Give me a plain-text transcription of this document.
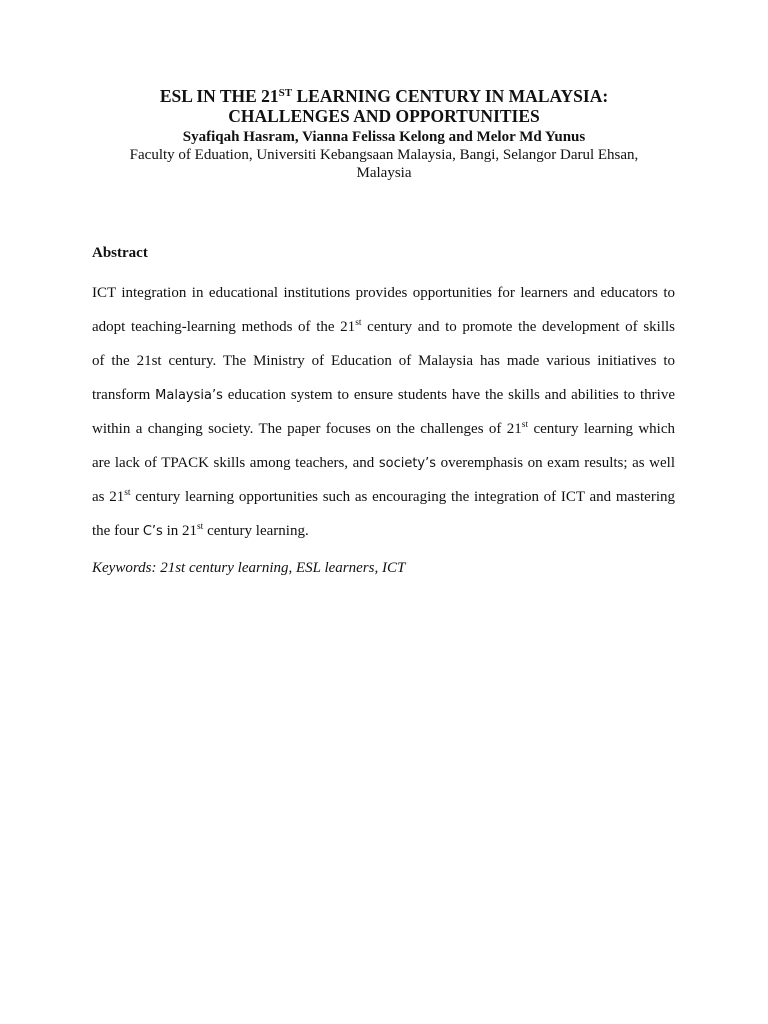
ESL IN THE 21ST LEARNING CENTURY IN MALAYSIA:
CHALLENGES AND OPPORTUNITIES
Syafiqah Hasram, Vianna Felissa Kelong and Melor Md Yunus
Faculty of Eduation, Universiti Kebangsaan Malaysia, Bangi, Selangor Darul Ehsan,
Malaysia
Abstract
ICT integration in educational institutions provides opportunities for learners and educators to
adopt teaching-learning methods of the 21st century and to promote the development of skills
of the 21st century. The Ministry of Education of Malaysia has made various initiatives to
transform Malaysia’s education system to ensure students have the skills and abilities to thrive
within a changing society. The paper focuses on the challenges of 21st century learning which
are lack of TPACK skills among teachers, and society’s overemphasis on exam results; as well
as 21st century learning opportunities such as encouraging the integration of ICT and mastering
the four C’s in 21st century learning.
Keywords: 21st century learning, ESL learners, ICT
